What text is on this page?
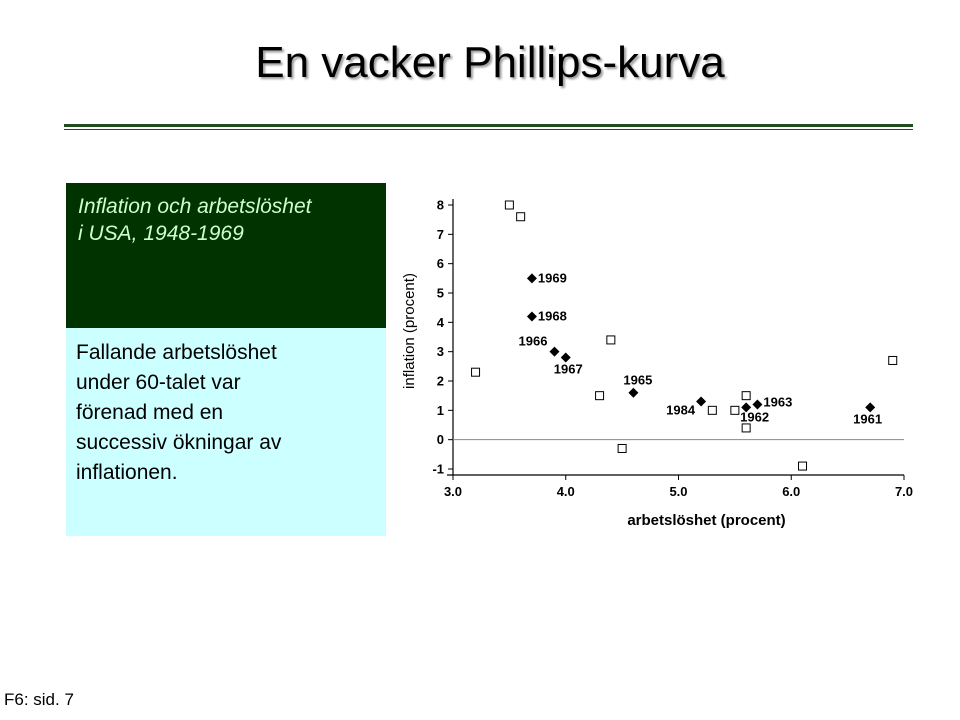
En vacker Phillips-kurva
Inflation och arbetslöshet
i USA, 1948-1969
Fallande arbetslöshet
under 60-talet var
förenad med en
successiv ökningar av
inflationen.	-1
0
1
2
3
4
5
6
7
8
3.0	4.0	5.0	6.0	7.0
arbetslöshet (procent)
inflation (procent)	1969
1968
1966
1967
1965
1984	1962
1963
1961
F6: sid. 7
